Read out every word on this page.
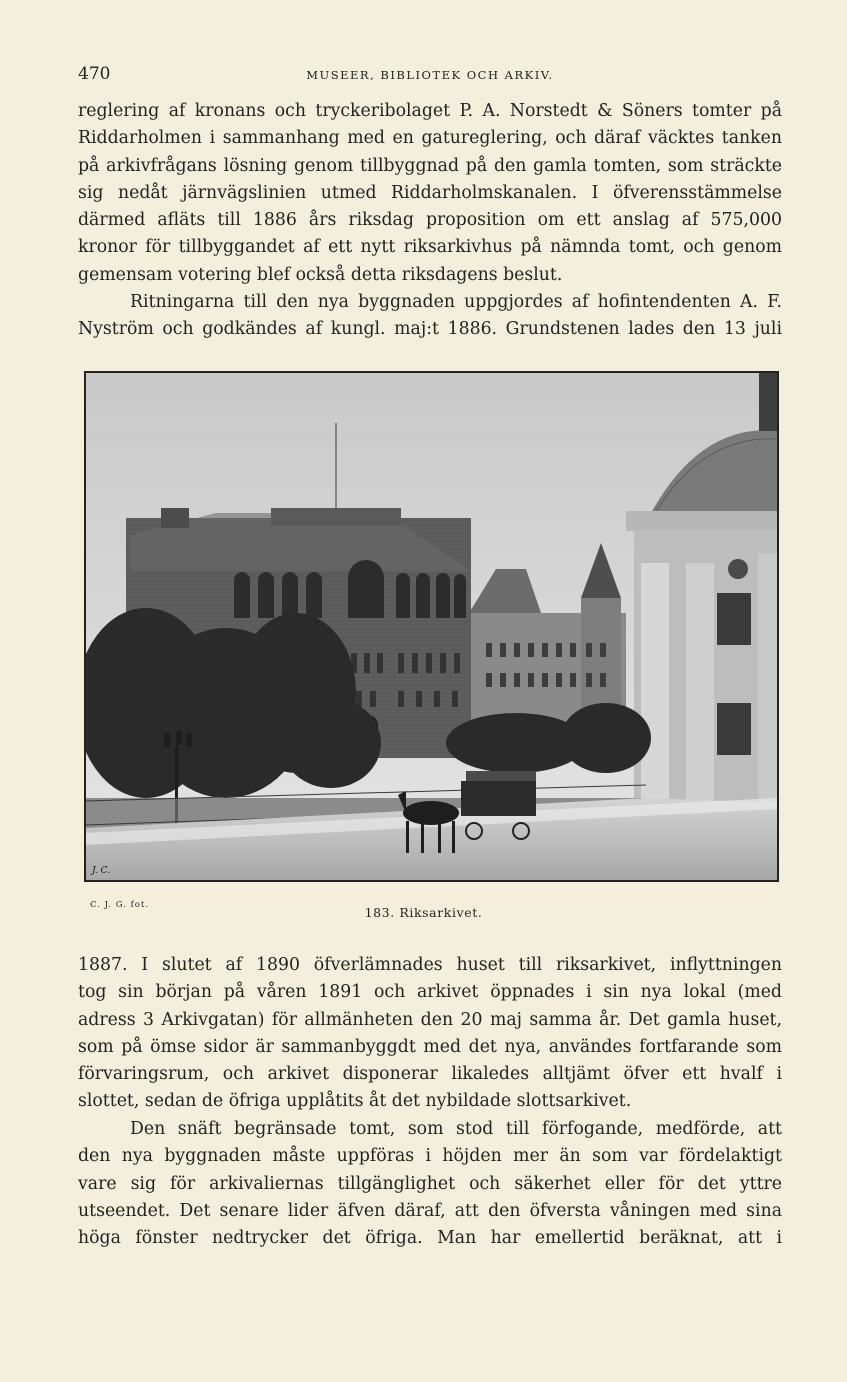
470	MUSEER, BIBLIOTEK OCH ARKIV.
reglering af kronans och tryckeribolaget P. A. Norstedt & Söners tomter på
Riddarholmen i sammanhang med en gatureglering, och däraf väcktes tanken
på arkivfrågans lösning genom tillbyggnad på den gamla tomten, som sträckte
sig nedåt järnvägslinien utmed Riddarholmskanalen. I öfverensstämmelse
därmed afläts till 1886 års riksdag proposition om ett anslag af 575,000
kronor för tillbyggandet af ett nytt riksarkivhus på nämnda tomt, och genom
gemensam votering blef också detta riksdagens beslut.
Ritningarna till den nya byggnaden uppgjordes af hofintendenten A. F.
Nyström och godkändes af kungl. maj:t 1886. Grundstenen lades den 13 juli
J. C.
C. J. G. fot.	183. Riksarkivet.
1887. I slutet af 1890 öfverlämnades huset till riksarkivet, inflyttningen
tog sin början på våren 1891 och arkivet öppnades i sin nya lokal (med
adress 3 Arkivgatan) för allmänheten den 20 maj samma år. Det gamla huset,
som på ömse sidor är sammanbyggdt med det nya, användes fortfarande som
förvaringsrum, och arkivet disponerar likaledes alltjämt öfver ett hvalf i
slottet, sedan de öfriga upplåtits åt det nybildade slottsarkivet.
Den snäft begränsade tomt, som stod till förfogande, medförde, att
den nya byggnaden måste uppföras i höjden mer än som var fördelaktigt
vare sig för arkivaliernas tillgänglighet och säkerhet eller för det yttre
utseendet. Det senare lider äfven däraf, att den öfversta våningen med sina
höga fönster nedtrycker det öfriga. Man har emellertid beräknat, att i
